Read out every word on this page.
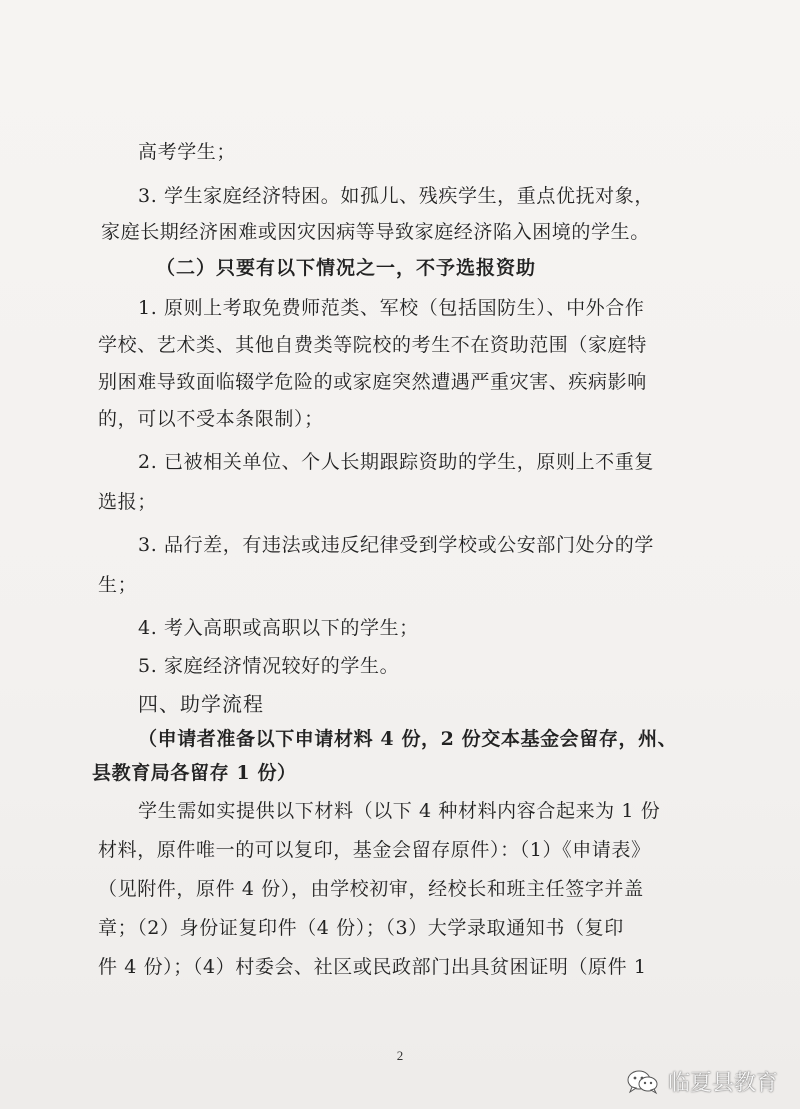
高考学生；
3. 学生家庭经济特困。如孤儿、残疾学生，重点优抚对象，
家庭长期经济困难或因灾因病等导致家庭经济陷入困境的学生。
（二）只要有以下情况之一，不予选报资助
1. 原则上考取免费师范类、军校（包括国防生）、中外合作
学校、艺术类、其他自费类等院校的考生不在资助范围（家庭特
别困难导致面临辍学危险的或家庭突然遭遇严重灾害、疾病影响
的，可以不受本条限制）；
2. 已被相关单位、个人长期跟踪资助的学生，原则上不重复
选报；
3. 品行差，有违法或违反纪律受到学校或公安部门处分的学
生；
4. 考入高职或高职以下的学生；
5. 家庭经济情况较好的学生。
四、助学流程
（申请者准备以下申请材料 4 份，2 份交本基金会留存，州、
县教育局各留存 1 份）
学生需如实提供以下材料（以下 4 种材料内容合起来为 1 份
材料，原件唯一的可以复印，基金会留存原件）：（1）《申请表》
（见附件，原件 4 份），由学校初审，经校长和班主任签字并盖
章；（2）身份证复印件（4 份）；（3）大学录取通知书（复印
件 4 份）；（4）村委会、社区或民政部门出具贫困证明（原件 1
2
临夏县教育
